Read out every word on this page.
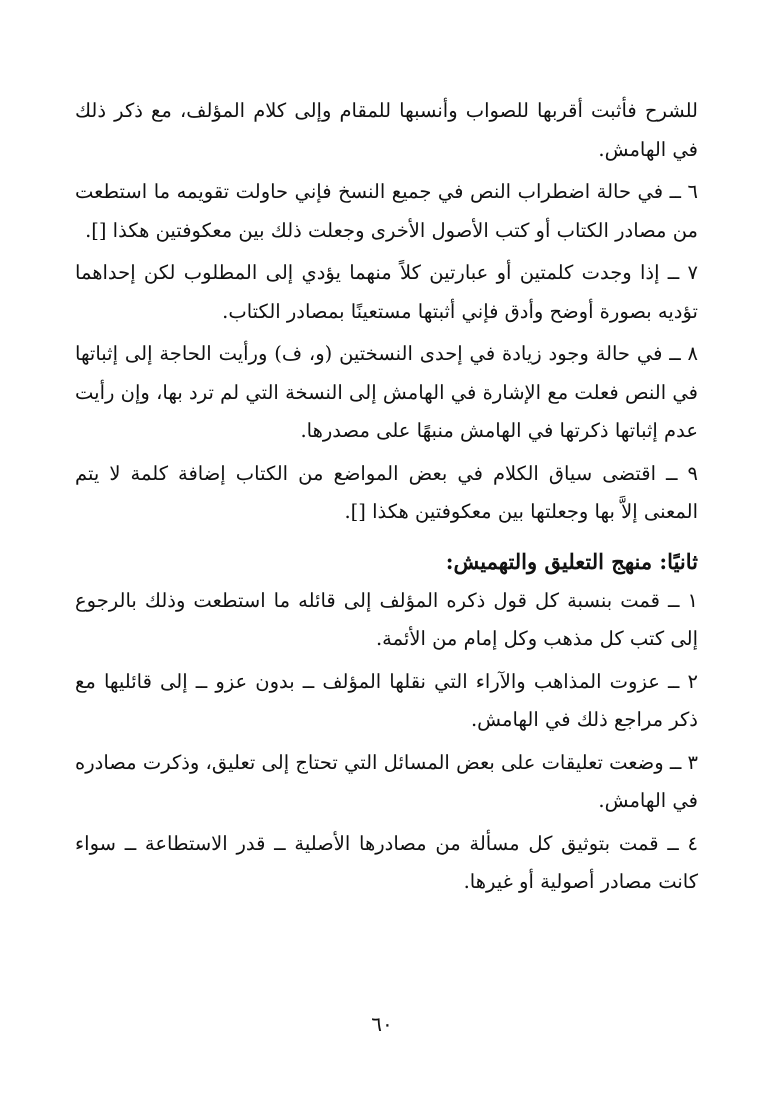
للشرح فأثبت أقربها للصواب وأنسبها للمقام وإلى كلام المؤلف، مع ذكر ذلك في الهامش.

٦ ــ في حالة اضطراب النص في جميع النسخ فإني حاولت تقويمه ما استطعت من مصادر الكتاب أو كتب الأصول الأخرى وجعلت ذلك بين معكوفتين هكذا [].

٧ ــ إذا وجدت كلمتين أو عبارتين كلاً منهما يؤدي إلى المطلوب لكن إحداهما تؤديه بصورة أوضح وأدق فإني أثبتها مستعينًا بمصادر الكتاب.

٨ ــ في حالة وجود زيادة في إحدى النسختين (و، ف) ورأيت الحاجة إلى إثباتها في النص فعلت مع الإشارة في الهامش إلى النسخة التي لم ترد بها، وإن رأيت عدم إثباتها ذكرتها في الهامش منبهًا على مصدرها.

٩ ــ اقتضى سياق الكلام في بعض المواضع من الكتاب إضافة كلمة لا يتم المعنى إلاَّ بها وجعلتها بين معكوفتين هكذا [].

ثانيًا: منهج التعليق والتهميش:

١ ــ قمت بنسبة كل قول ذكره المؤلف إلى قائله ما استطعت وذلك بالرجوع إلى كتب كل مذهب وكل إمام من الأئمة.

٢ ــ عزوت المذاهب والآراء التي نقلها المؤلف ــ بدون عزو ــ إلى قائليها مع ذكر مراجع ذلك في الهامش.

٣ ــ وضعت تعليقات على بعض المسائل التي تحتاج إلى تعليق، وذكرت مصادره في الهامش.

٤ ــ قمت بتوثيق كل مسألة من مصادرها الأصلية ــ قدر الاستطاعة ــ سواء كانت مصادر أصولية أو غيرها.

٦٠
